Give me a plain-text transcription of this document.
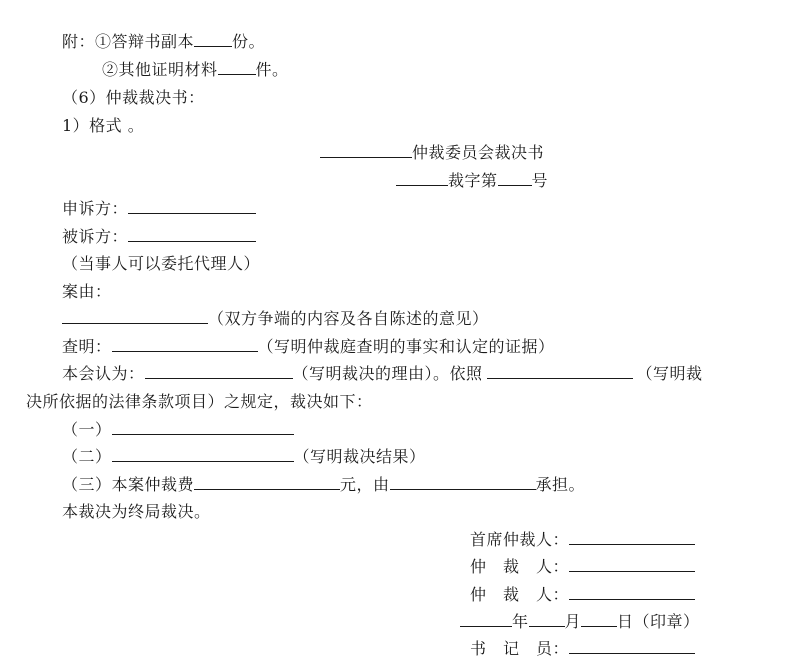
附：①答辩书副本 份。
②其他证明材料 件。
（6）仲裁裁决书：
1）格式 。
仲裁委员会裁决书
裁字第 号
申诉方：
被诉方：
（当事人可以委托代理人）
案由：
（双方争端的内容及各自陈述的意见）
查明：	（写明仲裁庭查明的事实和认定的证据）
本会认为：	（写明裁决的理由）。依照	（写明裁
决所依据的法律条款项目）之规定，裁决如下：
（一）
（二）	（写明裁决结果）
（三）本案仲裁费	元，由	承担。
本裁决为终局裁决。
首席仲裁人：
仲　裁　人：
仲　裁　人：
年 月 日（印章）
书　记　员：
